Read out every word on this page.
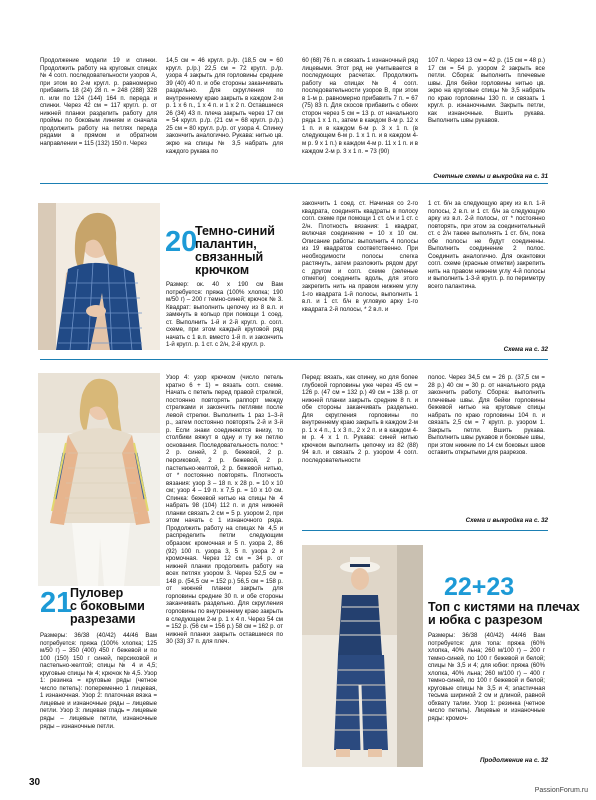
Продолжение модели 19 и спинки. Продолжить работу на круговых спицах № 4 согл. последовательности узоров А, при этом во 2-м кругл. р. равномерно прибавить 18 (24) 28 п. = 248 (288) 328 п. или по 124 (144) 164 п. переда и спинки. Через 42 см = 117 кругл. р. от нижней планки разделить работу для проймы по боковым линиям и сначала продолжить работу на петлях переда рядами в прямом и обратном направлении = 115 (132) 150 п. Через
14,5 см = 46 кругл. р./р. (18,5 см = 60 кругл. р./р.) 22,5 см = 72 кругл. р./р. узора 4 закрыть для горловины средние 39 (40) 40 п. и обе стороны заканчивать раздельно. Для скругления по внутреннему краю закрыть в каждом 2-м р. 1 х 6 п., 1 х 4 п. и 1 х 2 п. Оставшиеся 26 (34) 43 п. плеча закрыть через 17 см = 54 кругл. р./р. (21 см = 68 кругл. р./р.) 25 см = 80 кругл. р./р. от узора 4. Спинку закончить аналогично. Рукава: нитью цв. экрю на спицы № 3,5 набрать для каждого рукава по
60 (68) 76 п. и связать 1 изнаночный ряд лицевыми. Этот ряд не учитывается в последующих расчетах. Продолжить работу на спицах № 4 согл. последовательности узоров В, при этом в 1-м р. равномерно прибавить 7 п. = 67 (75) 83 п. Для скосов прибавить с обеих сторон через 5 см = 13 р. от начального ряда 1 х 1 п., затем в каждом 8-м р. 12 х 1 п. и в каждом 6-м р. 3 х 1 п. (в следующем 6-м р. 1 х 1 п. и в каждом 4-м р. 9 х 1 п.) в каждом 4-м р. 11 х 1 п. и в каждом 2-м р. 3 х 1 п. = 73 (90)
107 п. Через 13 см = 42 р. (15 см = 48 р.) 17 см = 54 р. узором 2 закрыть все петли. Сборка: выполнить плечевые швы. Для бейки горловины нитью цв. экрю на круговые спицы № 3,5 набрать по краю горловины 130 п. и связать 1 кругл. р. изнаночными. Закрыть петли, как изнаночные. Вшить рукава. Выполнить швы рукавов.
Счетные схемы и выкройка на с. 31
20
Темно-синий
палантин,
связанный
крючком
Размер: ок. 40 х 190 см Вам потребуется: пряжа (100% хлопка; 190 м/50 г) – 200 г темно-синей; крючок № 3. Квадрат: выполнить цепочку из 8 в.п. и замкнуть в кольцо при помощи 1 соед. ст. Выполнить 1-й и 2-й кругл. р. согл. схеме, при этом каждый круговой ряд начать с 1 в.п. вместо 1-й п. и закончить 1-й кругл. р. 1 ст. с 2/н, 2-й кругл. р.
закончить 1 соед. ст. Начиная со 2-го квадрата, соединять квадраты в полосу согл. схеме при помощи 1 ст. с/н и 1 ст. с 2/н. Плотность вязания: 1 квадрат, включая соединение = 10 х 10 см. Описание работы: выполнить 4 полосы из 19 квадратов соответственно. При необходимости полосы слегка растянуть, затем разложить рядом друг с другом и согл. схеме (зеленые отметки) соединить вдоль, для этого закрепить нить на правом нижнем углу 1-го квадрата 1-й полосы, выполнить 1 в.п. и 1 ст. б/н в угловую арку 1-го квадрата 2-й полосы, * 2 в.п. и
1 ст. б/н за следующую арку из в.п. 1-й полосы, 2 в.п. и 1 ст. б/н за следующую арку из в.п. 2-й полосы, от * постоянно повторять, при этом за соединительный ст. с 2/н также выполнять 1 ст. б/н, пока обе полосы не будут соединены. Выполнить соединение 2 полос. Соединить аналогично. Для окантовки согл. схеме (красные отметки) закрепить нить на правом нижнем углу 4-й полосы и выполнить 1-3-й кругл. р. по периметру всего палантина.
Схема на с. 32
21
Пуловер
с боковыми
разрезами
Размеры: 36/38 (40/42) 44/46 Вам потребуется: пряжа (100% хлопка; 125 м/50 г) – 350 (400) 450 г бежевой и по 100 (150) 150 г синей, персиковой и пастельно-желтой; спицы № 4 и 4,5; круговые спицы № 4; крючок № 4,5. Узор 1: резинка = круговые ряды (четное число петель): попеременно 1 лицевая, 1 изнаночная. Узор 2: платочная вязка = лицевые и изнаночные ряды – лицевые петли. Узор 3: лицевая гладь = лицевые ряды – лицевые петли, изнаночные ряды – изнаночные петли.
Узор 4: узор крючком (число петель кратно 6 + 1) = вязать согл. схеме. Начать с петель перед правой стрелкой, постоянно повторять раппорт между стрелками и закончить петлями после левой стрелки. Выполнить 1 раз 1–3-й р., затем постоянно повторять 2-й и 3-й р. Если знаки соединяются внизу, то столбики вяжут в одну и ту же петлю основания. Последовательность полос: * 2 р. синей, 2 р. бежевой, 2 р. персиковой, 2 р. бежевой, 2 р. пастельно-желтой, 2 р. бежевой нитью, от * постоянно повторять. Плотность вязания: узор 3 – 18 п. х 28 р. = 10 х 10 см; узор 4 – 19 п. х 7,5 р. = 10 х 10 см. Спинка: бежевой нитью на спицы № 4 набрать 98 (104) 112 п. и для нижней планки связать 2 см = 5 р. узором 2, при этом начать с 1 изнаночного ряда. Продолжить работу на спицах № 4,5 и распределить петли следующим образом: кромочная и 5 п. узора 2, 86 (92) 100 п. узора 3, 5 п. узора 2 и кромочная. Через 12 см = 34 р. от нижней планки продолжить работу на всех петлях узором 3. Через 52,5 см = 148 р. (54,5 см = 152 р.) 56,5 см = 158 р. от нижней планки закрыть для горловины средние 30 п. и обе стороны заканчивать раздельно. Для скругления горловины по внутреннему краю закрыть в следующем 2-м р. 1 х 4 п. Через 54 см = 152 р. (56 см = 156 р.) 58 см = 162 р. от нижней планки закрыть оставшиеся по 30 (33) 37 п. для плеч.
Перед: вязать, как спинку, но для более глубокой горловины уже через 45 см = 126 р. (47 см = 132 р.) 49 см = 138 р. от нижней планки закрыть средние 8 п. и обе стороны заканчивать раздельно. Для скругления горловины по внутреннему краю закрыть в каждом 2-м р. 1 х 4 п., 1 х 3 п., 2 х 2 п. и в каждом 4-м р. 4 х 1 п. Рукава: синей нитью крючком выполнить цепочку из 82 (88) 94 в.п. и связать 2 р. узором 4 согл. последовательности
полос. Через 34,5 см = 26 р. (37,5 см = 28 р.) 40 см = 30 р. от начального ряда закончить работу. Сборка: выполнить плечевые швы. Для бейки горловины бежевой нитью на круговые спицы набрать по краю горловины 104 п. и связать 2,5 см = 7 кругл. р. узором 1. Закрыть петли. Вшить рукава. Выполнить швы рукавов и боковые швы, при этом нижние по 14 см боковых швов оставить открытыми для разрезов.
Схема и выкройка на с. 32
22+23
Топ с кистями на плечах
и юбка с разрезом
Размеры: 36/38 (40/42) 44/46 Вам потребуется: для топа: пряжа (60% хлопка, 40% льна; 260 м/100 г) – 200 г темно-синей, по 100 г бежевой и белой; спицы № 3,5 и 4; для юбки: пряжа (60% хлопка, 40% льна; 260 м/100 г) – 400 г темно-синей, по 100 г бежевой и белой; круговые спицы № 3,5 и 4; эластичная тесьма шириной 2 см и длиной, равной обхвату талии. Узор 1: резинка (четное число петель). Лицевые и изнаночные ряды: кромоч-
Продолжение на с. 32
30
PassionForum.ru
